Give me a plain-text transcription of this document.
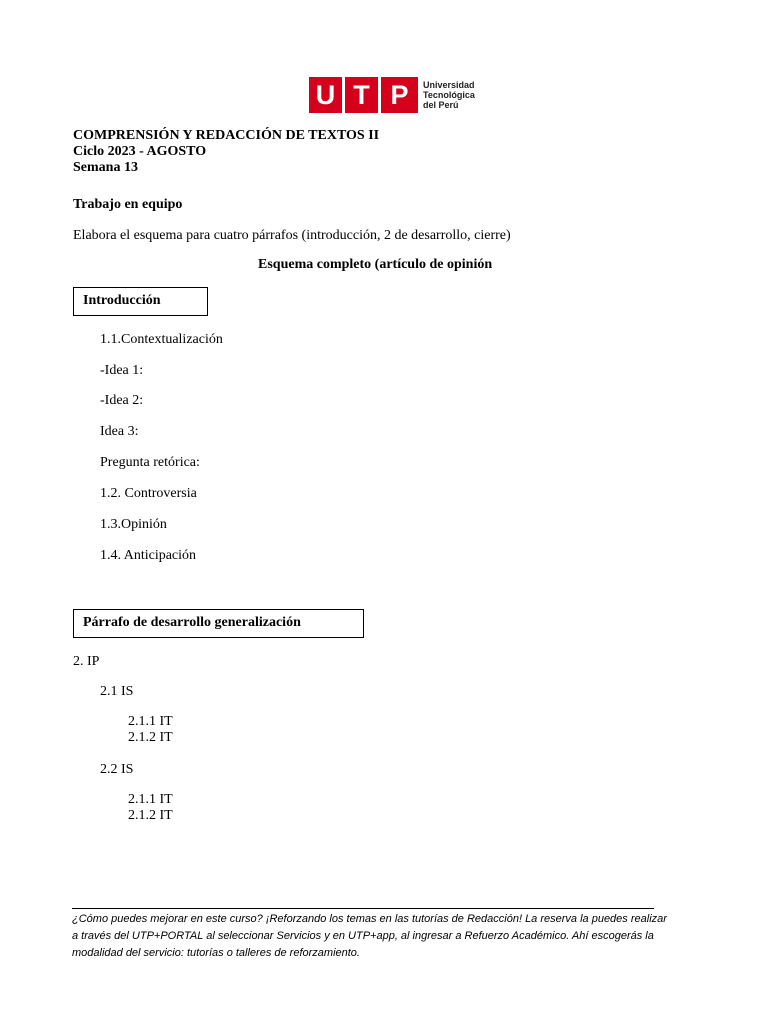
U T P	Universidad
Tecnológica
del Perú
COMPRENSIÓN Y REDACCIÓN DE TEXTOS II
Ciclo 2023 - AGOSTO
Semana 13
Trabajo en equipo
Elabora el esquema para cuatro párrafos (introducción, 2 de desarrollo, cierre)
Esquema completo (artículo de opinión
Introducción
1.1.Contextualización
-Idea 1:
-Idea 2:
Idea 3:
Pregunta retórica:
1.2. Controversia
1.3.Opinión
1.4. Anticipación
Párrafo de desarrollo generalización
2. IP
2.1 IS
2.1.1 IT
2.1.2 IT
2.2 IS
2.1.1 IT
2.1.2 IT
¿Cómo puedes mejorar en este curso? ¡Reforzando los temas en las tutorías de Redacción! La reserva la puedes realizar a través del UTP+PORTAL al seleccionar Servicios y en UTP+app, al ingresar a Refuerzo Académico. Ahí escogerás la modalidad del servicio: tutorías o talleres de reforzamiento.
